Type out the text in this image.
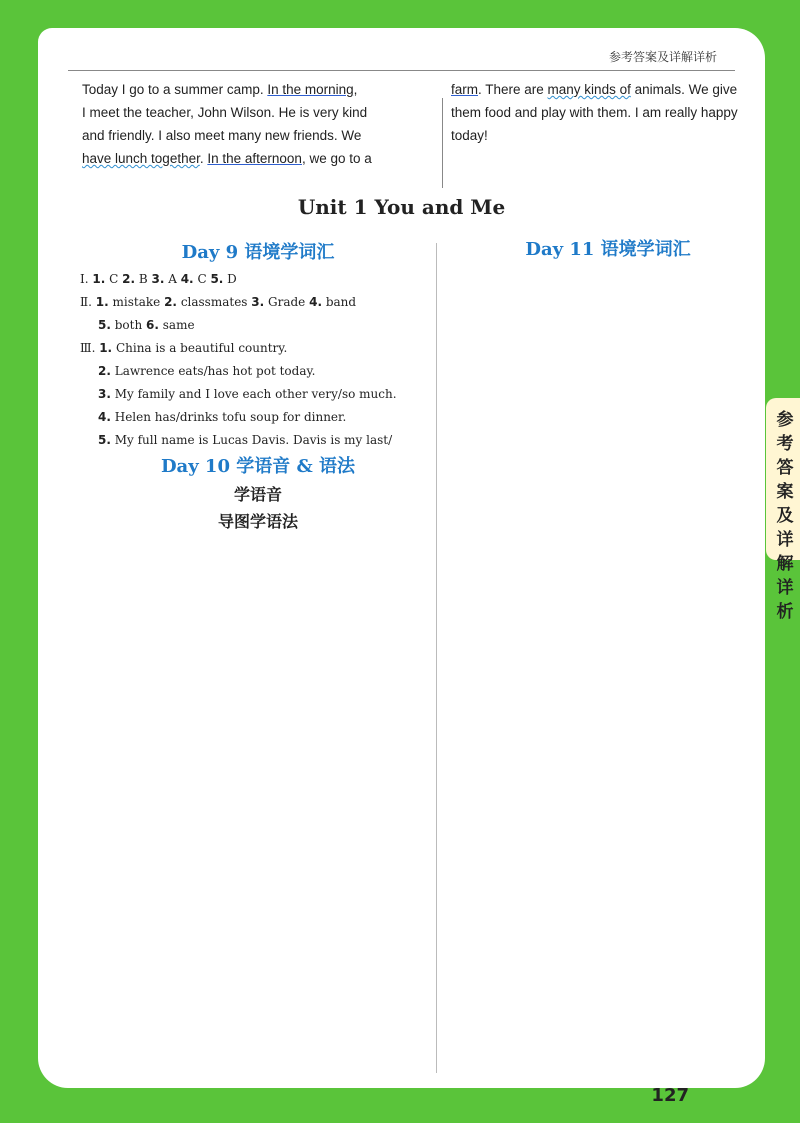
参考答案及详解详析
Today I go to a summer camp. In the morning,
I meet the teacher, John Wilson. He is very kind
and friendly. I also meet many new friends. We
have lunch together. In the afternoon, we go to a
farm. There are many kinds of animals. We give
them food and play with them. I am really happy
today!
Unit 1 You and Me
Day 9 语境学词汇
Ⅰ. 1. C 2. B 3. A 4. C 5. D
Ⅱ. 1. mistake 2. classmates 3. Grade 4. band
5. both 6. same
Ⅲ. 1. China is a beautiful country.
2. Lawrence eats/has hot pot today.
3. My family and I love each other very/so much.
4. Helen has/drinks tofu soup for dinner.
5. My full name is Lucas Davis. Davis is my last/
Day 10 学语音 & 语法
学语音
导图学语法
Day 11 语境学词汇
127
参考答案及详解详析
